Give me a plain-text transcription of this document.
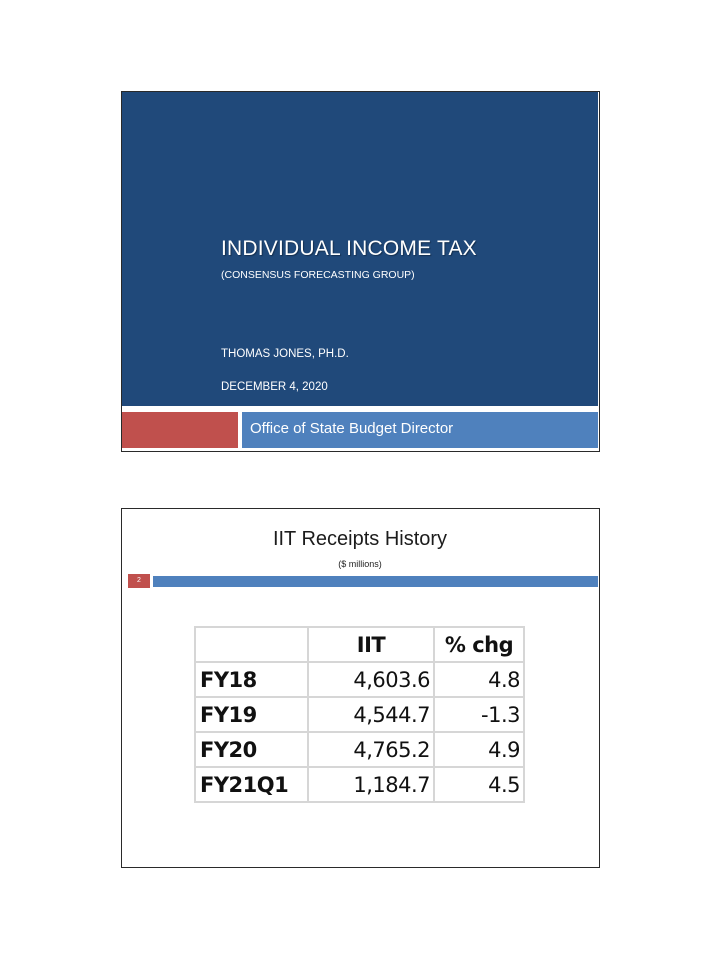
INDIVIDUAL INCOME TAX
(CONSENSUS FORECASTING GROUP)
THOMAS JONES, PH.D.
DECEMBER 4, 2020
Office of State Budget Director
IIT Receipts History
($ millions)
2
	IIT	% chg
FY18	4,603.6	4.8
FY19	4,544.7	-1.3
FY20	4,765.2	4.9
FY21Q1	1,184.7	4.5
